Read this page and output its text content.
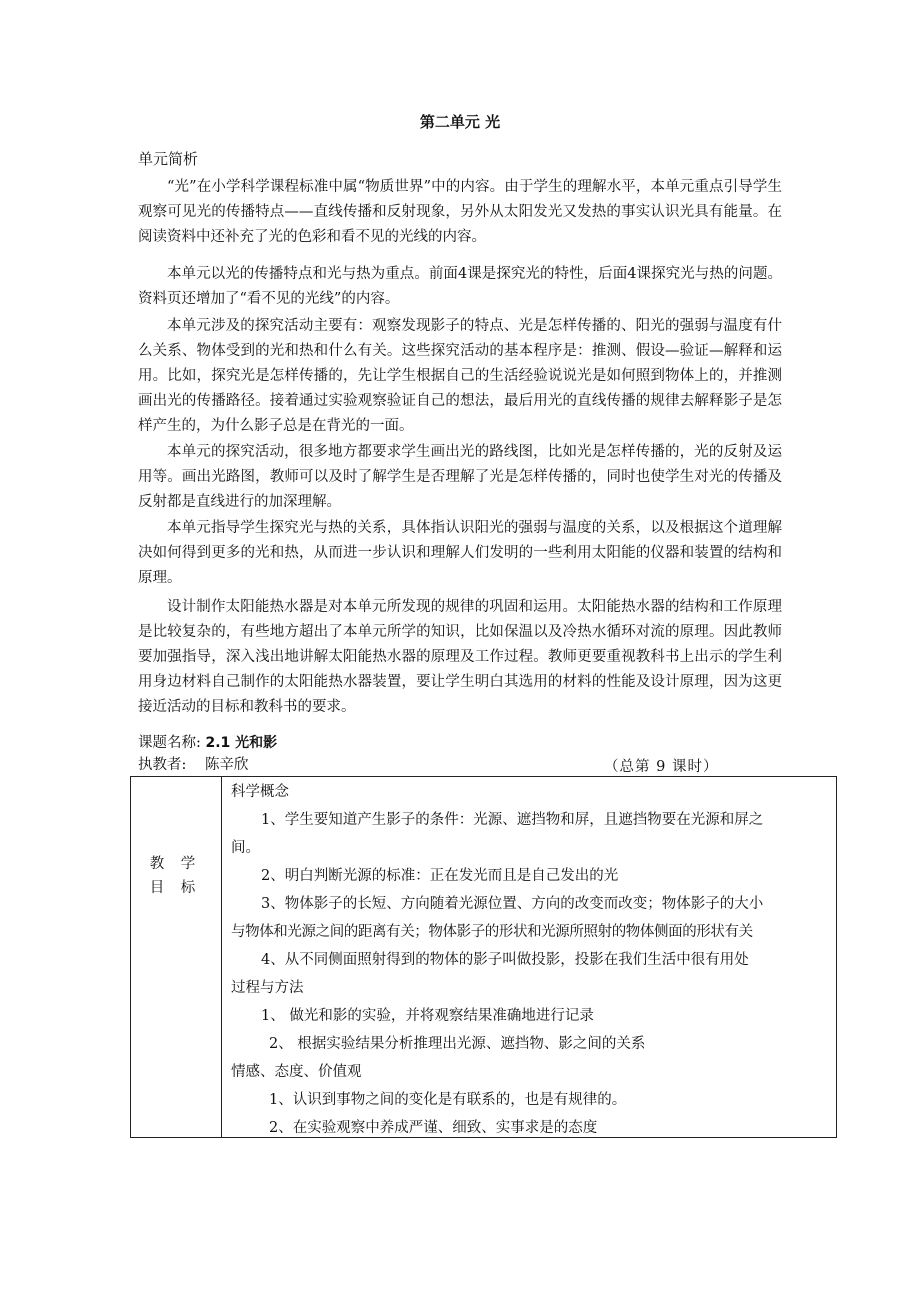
第二单元 光
单元简析

“光”在小学科学课程标准中属“物质世界”中的内容。由于学生的理解水平，本单元重点引导学生观察可见光的传播特点——直线传播和反射现象，另外从太阳发光又发热的事实认识光具有能量。在阅读资料中还补充了光的色彩和看不见的光线的内容。

本单元以光的传播特点和光与热为重点。前面4课是探究光的特性，后面4课探究光与热的问题。资料页还增加了“看不见的光线”的内容。

本单元涉及的探究活动主要有：观察发现影子的特点、光是怎样传播的、阳光的强弱与温度有什么关系、物体受到的光和热和什么有关。这些探究活动的基本程序是：推测、假设—验证—解释和运用。比如，探究光是怎样传播的，先让学生根据自己的生活经验说说光是如何照到物体上的，并推测画出光的传播路径。接着通过实验观察验证自己的想法，最后用光的直线传播的规律去解释影子是怎样产生的，为什么影子总是在背光的一面。

本单元的探究活动，很多地方都要求学生画出光的路线图，比如光是怎样传播的，光的反射及运用等。画出光路图，教师可以及时了解学生是否理解了光是怎样传播的，同时也使学生对光的传播及反射都是直线进行的加深理解。

本单元指导学生探究光与热的关系，具体指认识阳光的强弱与温度的关系，以及根据这个道理解决如何得到更多的光和热，从而进一步认识和理解人们发明的一些利用太阳能的仪器和装置的结构和原理。

设计制作太阳能热水器是对本单元所发现的规律的巩固和运用。太阳能热水器的结构和工作原理是比较复杂的，有些地方超出了本单元所学的知识，比如保温以及冷热水循环对流的原理。因此教师要加强指导，深入浅出地讲解太阳能热水器的原理及工作过程。教师更要重视教科书上出示的学生利用身边材料自己制作的太阳能热水器装置，要让学生明白其选用的材料的性能及设计原理，因为这更接近活动的目标和教科书的要求。

课题名称: 2.1 光和影
执教者: 陈辛欣	（总第 9 课时）
教 学
目 标
科学概念
1、学生要知道产生影子的条件：光源、遮挡物和屏，且遮挡物要在光源和屏之
间。
2、明白判断光源的标准：正在发光而且是自己发出的光
3、物体影子的长短、方向随着光源位置、方向的改变而改变；物体影子的大小
与物体和光源之间的距离有关；物体影子的形状和光源所照射的物体侧面的形状有关
4、从不同侧面照射得到的物体的影子叫做投影，投影在我们生活中很有用处
过程与方法
1、 做光和影的实验，并将观察结果准确地进行记录
2、 根据实验结果分析推理出光源、遮挡物、影之间的关系
情感、态度、价值观
1、认识到事物之间的变化是有联系的，也是有规律的。
2、在实验观察中养成严谨、细致、实事求是的态度
